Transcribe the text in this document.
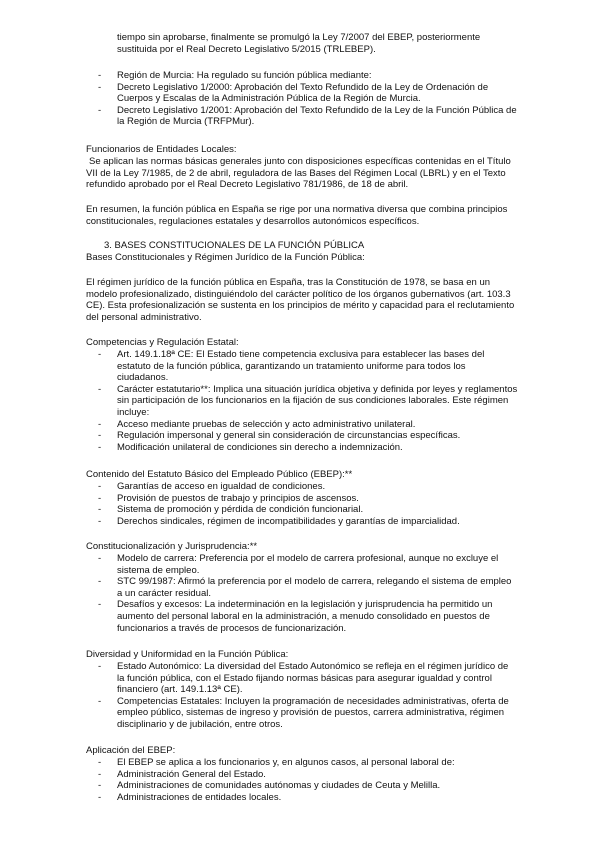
tiempo sin aprobarse, finalmente se promulgó la Ley 7/2007 del EBEP, posteriormente sustituida por el Real Decreto Legislativo 5/2015 (TRLEBEP).

- Región de Murcia: Ha regulado su función pública mediante:
- Decreto Legislativo 1/2000: Aprobación del Texto Refundido de la Ley de Ordenación de Cuerpos y Escalas de la Administración Pública de la Región de Murcia.
- Decreto Legislativo 1/2001: Aprobación del Texto Refundido de la Ley de la Función Pública de la Región de Murcia (TRFPMur).

Funcionarios de Entidades Locales:

Se aplican las normas básicas generales junto con disposiciones específicas contenidas en el Título VII de la Ley 7/1985, de 2 de abril, reguladora de las Bases del Régimen Local (LBRL) y en el Texto refundido aprobado por el Real Decreto Legislativo 781/1986, de 18 de abril.

En resumen, la función pública en España se rige por una normativa diversa que combina principios constitucionales, regulaciones estatales y desarrollos autonómicos específicos.

3. BASES CONSTITUCIONALES DE LA FUNCIÓN PÚBLICA

Bases Constitucionales y Régimen Jurídico de la Función Pública:

El régimen jurídico de la función pública en España, tras la Constitución de 1978, se basa en un modelo profesionalizado, distinguiéndolo del carácter político de los órganos gubernativos (art. 103.3 CE). Esta profesionalización se sustenta en los principios de mérito y capacidad para el reclutamiento del personal administrativo.

Competencias y Regulación Estatal:

- Art. 149.1.18ª CE: El Estado tiene competencia exclusiva para establecer las bases del estatuto de la función pública, garantizando un tratamiento uniforme para todos los ciudadanos.
- Carácter estatutario**: Implica una situación jurídica objetiva y definida por leyes y reglamentos sin participación de los funcionarios en la fijación de sus condiciones laborales. Este régimen incluye:
- Acceso mediante pruebas de selección y acto administrativo unilateral.
- Regulación impersonal y general sin consideración de circunstancias específicas.
- Modificación unilateral de condiciones sin derecho a indemnización.

Contenido del Estatuto Básico del Empleado Público (EBEP):**

- Garantías de acceso en igualdad de condiciones.
- Provisión de puestos de trabajo y principios de ascensos.
- Sistema de promoción y pérdida de condición funcionarial.
- Derechos sindicales, régimen de incompatibilidades y garantías de imparcialidad.

Constitucionalización y Jurisprudencia:**

- Modelo de carrera: Preferencia por el modelo de carrera profesional, aunque no excluye el sistema de empleo.
- STC 99/1987: Afirmó la preferencia por el modelo de carrera, relegando el sistema de empleo a un carácter residual.
- Desafíos y excesos: La indeterminación en la legislación y jurisprudencia ha permitido un aumento del personal laboral en la administración, a menudo consolidado en puestos de funcionarios a través de procesos de funcionarización.

Diversidad y Uniformidad en la Función Pública:

- Estado Autonómico: La diversidad del Estado Autonómico se refleja en el régimen jurídico de la función pública, con el Estado fijando normas básicas para asegurar igualdad y control financiero (art. 149.1.13ª CE).
- Competencias Estatales: Incluyen la programación de necesidades administrativas, oferta de empleo público, sistemas de ingreso y provisión de puestos, carrera administrativa, régimen disciplinario y de jubilación, entre otros.

Aplicación del EBEP:

- El EBEP se aplica a los funcionarios y, en algunos casos, al personal laboral de:
- Administración General del Estado.
- Administraciones de comunidades autónomas y ciudades de Ceuta y Melilla.
- Administraciones de entidades locales.
